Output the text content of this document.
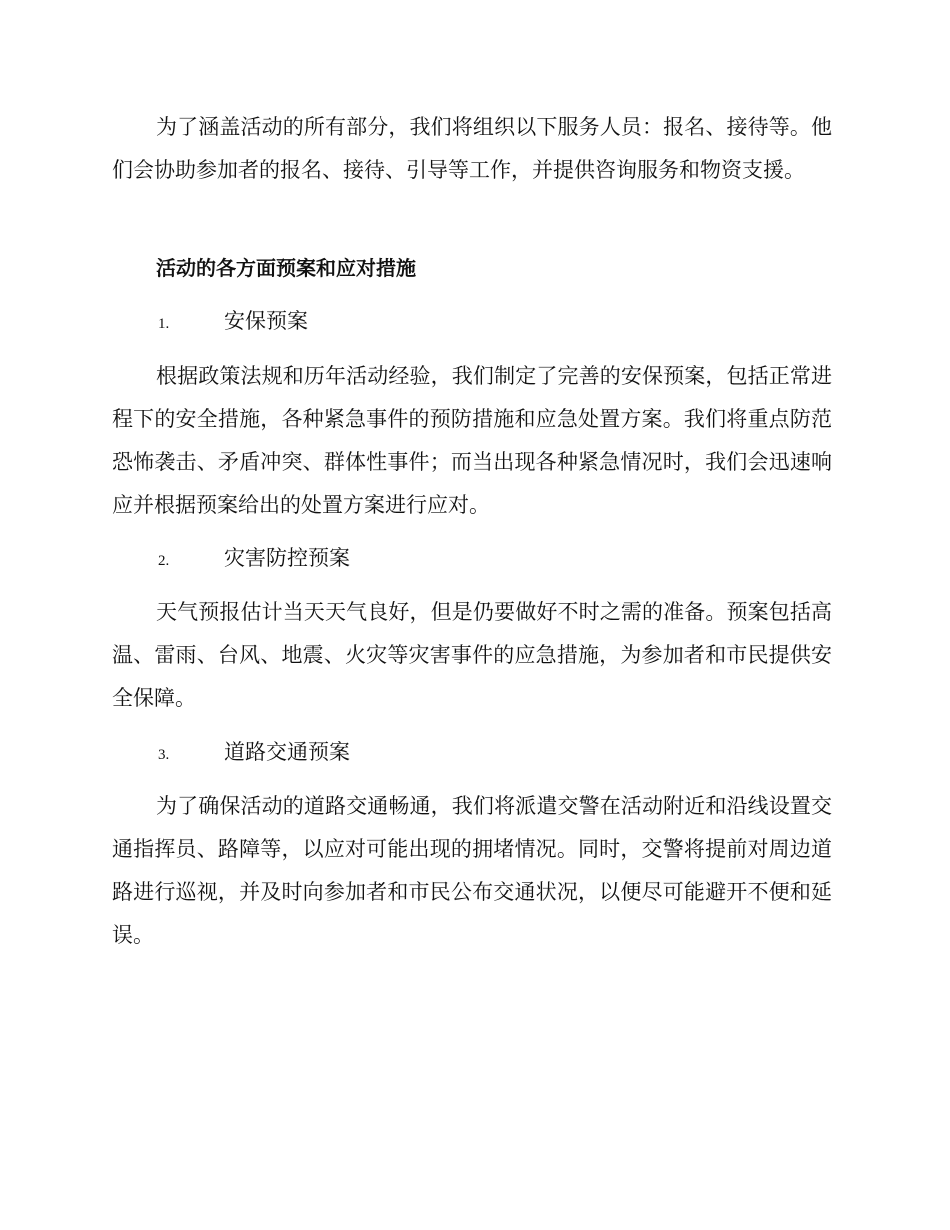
为了涵盖活动的所有部分，我们将组织以下服务人员：报名、接待等。他们会协助参加者的报名、接待、引导等工作，并提供咨询服务和物资支援。

活动的各方面预案和应对措施

1.	安保预案

根据政策法规和历年活动经验，我们制定了完善的安保预案，包括正常进程下的安全措施，各种紧急事件的预防措施和应急处置方案。我们将重点防范恐怖袭击、矛盾冲突、群体性事件；而当出现各种紧急情况时，我们会迅速响应并根据预案给出的处置方案进行应对。

2.	灾害防控预案

天气预报估计当天天气良好，但是仍要做好不时之需的准备。预案包括高温、雷雨、台风、地震、火灾等灾害事件的应急措施，为参加者和市民提供安全保障。

3.	道路交通预案

为了确保活动的道路交通畅通，我们将派遣交警在活动附近和沿线设置交通指挥员、路障等，以应对可能出现的拥堵情况。同时，交警将提前对周边道路进行巡视，并及时向参加者和市民公布交通状况，以便尽可能避开不便和延误。
